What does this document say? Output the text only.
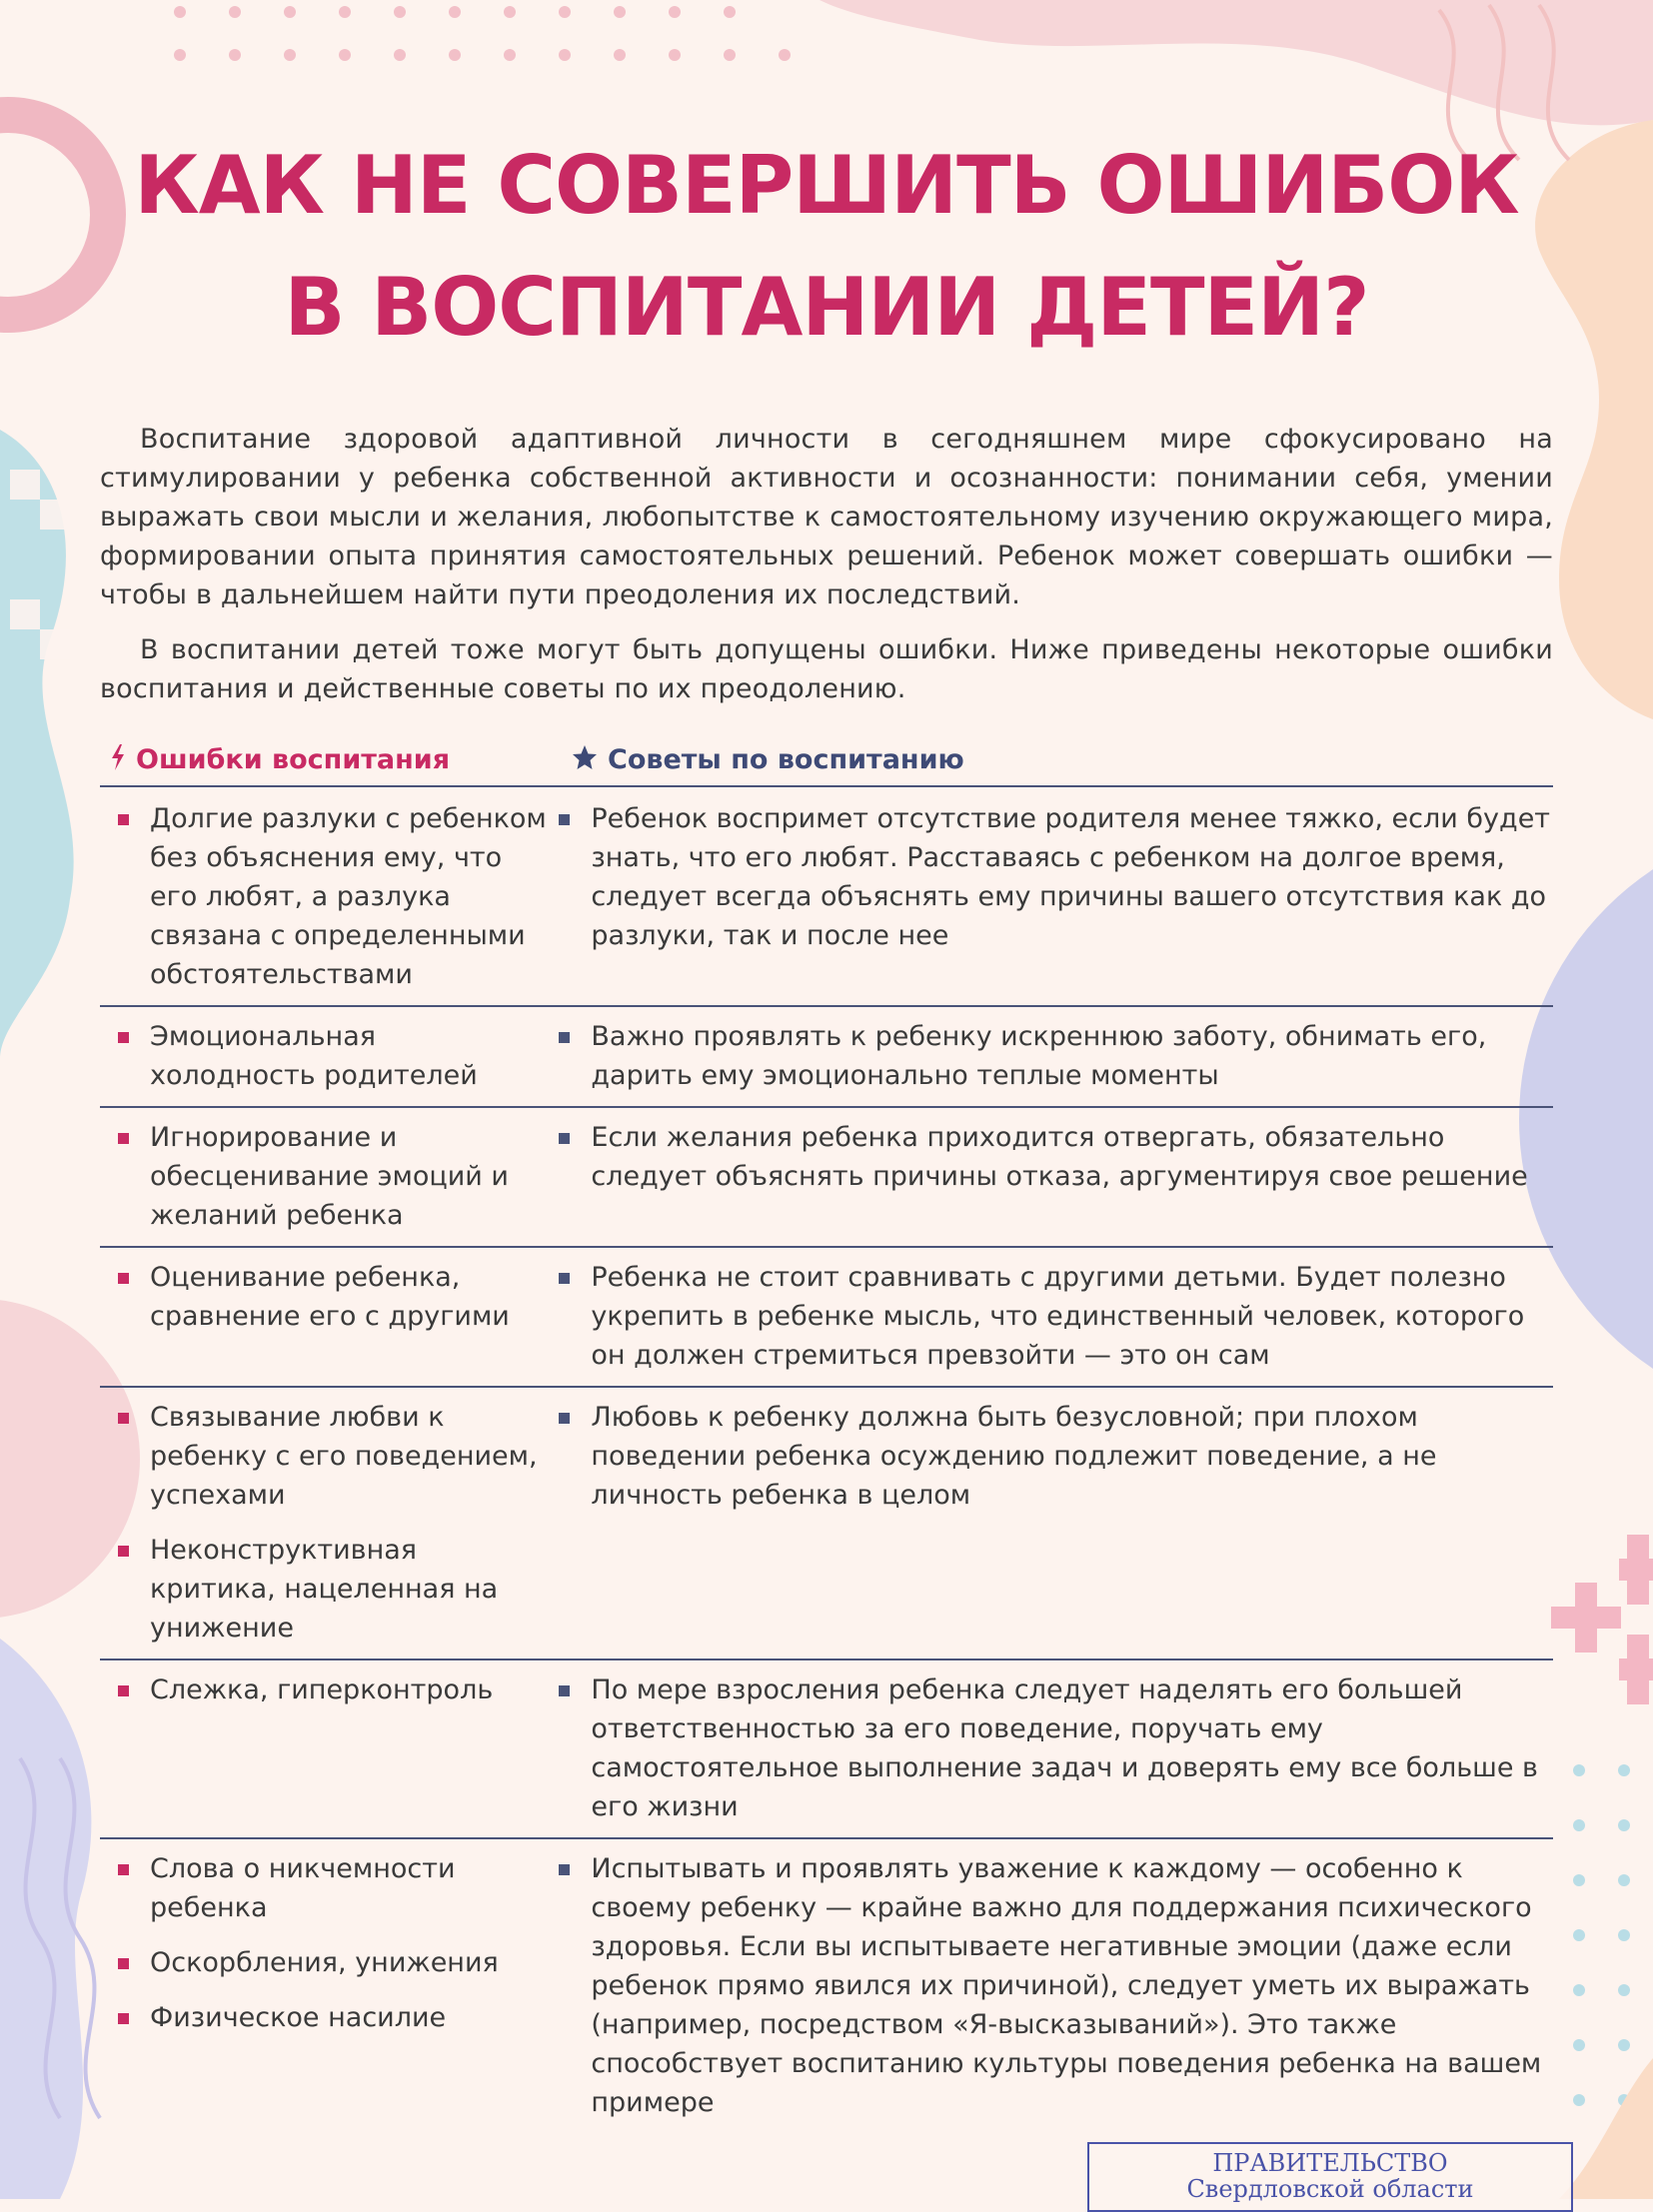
КАК НЕ СОВЕРШИТЬ ОШИБОК
В ВОСПИТАНИИ ДЕТЕЙ?

Воспитание здоровой адаптивной личности в сегодняшнем мире сфокусировано на стимулировании у ребенка собственной активности и осознанности: понимании себя, умении выражать свои мысли и желания, любопытстве к самостоятельному изучению окружающего мира, формировании опыта принятия самостоятельных решений. Ребенок может совершать ошибки — чтобы в дальнейшем найти пути преодоления их последствий.

В воспитании детей тоже могут быть допущены ошибки. Ниже приведены некоторые ошибки воспитания и действенные советы по их преодолению.

Ошибки воспитания	Советы по воспитанию
Долгие разлуки с ребенком без объяснения ему, что его любят, а разлука связана с определенными обстоятельствами
Ребенок воспримет отсутствие родителя менее тяжко, если будет знать, что его любят. Расставаясь с ребенком на долгое время, следует всегда объяснять ему причины вашего отсутствия как до разлуки, так и после нее
Эмоциональная холодность родителей
Важно проявлять к ребенку искреннюю заботу, обнимать его, дарить ему эмоционально теплые моменты
Игнорирование и обесценивание эмоций и желаний ребенка
Если желания ребенка приходится отвергать, обязательно следует объяснять причины отказа, аргументируя свое решение
Оценивание ребенка, сравнение его с другими
Ребенка не стоит сравнивать с другими детьми. Будет полезно укрепить в ребенке мысль, что единственный человек, которого он должен стремиться превзойти — это он сам
Связывание любви к ребенку с его поведением, успехами
Неконструктивная критика, нацеленная на унижение
Любовь к ребенку должна быть безусловной; при плохом поведении ребенка осуждению подлежит поведение, а не личность ребенка в целом
Слежка, гиперконтроль	По мере взросления ребенка следует наделять его большей ответственностью за его поведение, поручать ему самостоятельное выполнение задач и доверять ему все больше в его жизни
Слова о никчемности ребенка
Оскорбления, унижения
Физическое насилие
Испытывать и проявлять уважение к каждому — особенно к своему ребенку — крайне важно для поддержания психического здоровья. Если вы испытываете негативные эмоции (даже если ребенок прямо явился их причиной), следует уметь их выражать (например, посредством «Я-высказываний»). Это также способствует воспитанию культуры поведения ребенка на вашем примере
ПРАВИТЕЛЬСТВО
Свердловской области
